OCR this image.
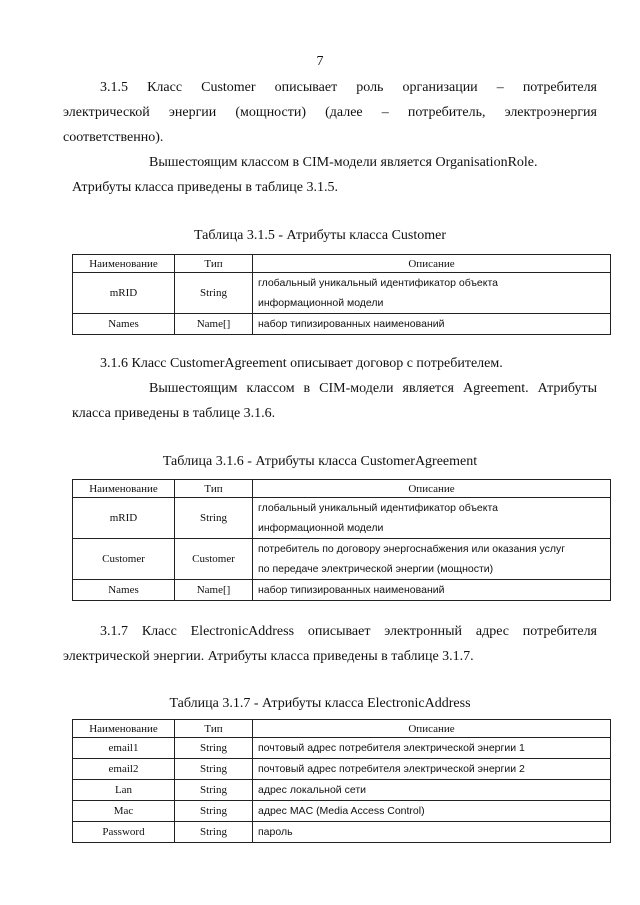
7

3.1.5 Класс Customer описывает роль организации – потребителя

электрической энергии (мощности) (далее – потребитель, электроэнергия

соответственно).

Вышестоящим классом в CIM-модели является OrganisationRole.

Атрибуты класса приведены в таблице 3.1.5.

Таблица 3.1.5 - Атрибуты класса Customer
Наименование	Тип	Описание
mRID	String	глобальный уникальный идентификатор объекта
информационной модели

Names	Name[]	набор типизированных наименований

3.1.6 Класс CustomerAgreement описывает договор с потребителем.

Вышестоящим классом в CIM-модели является Agreement. Атрибуты

класса приведены в таблице 3.1.6.

Таблица 3.1.6 - Атрибуты класса CustomerAgreement
Наименование	Тип	Описание
mRID	String	глобальный уникальный идентификатор объекта
информационной модели

Customer	Customer	потребитель по договору энергоснабжения или оказания услуг
по передаче электрической энергии (мощности)

Names	Name[]	набор типизированных наименований

3.1.7 Класс ElectronicAddress описывает электронный адрес потребителя

электрической энергии. Атрибуты класса приведены в таблице 3.1.7.

Таблица 3.1.7 - Атрибуты класса ElectronicAddress
Наименование	Тип	Описание
email1	String	почтовый адрес потребителя электрической энергии 1
email2	String	почтовый адрес потребителя электрической энергии 2
Lan	String	адрес локальной сети
Mac	String	адрес MAC (Media Access Control)
Password	String	пароль
